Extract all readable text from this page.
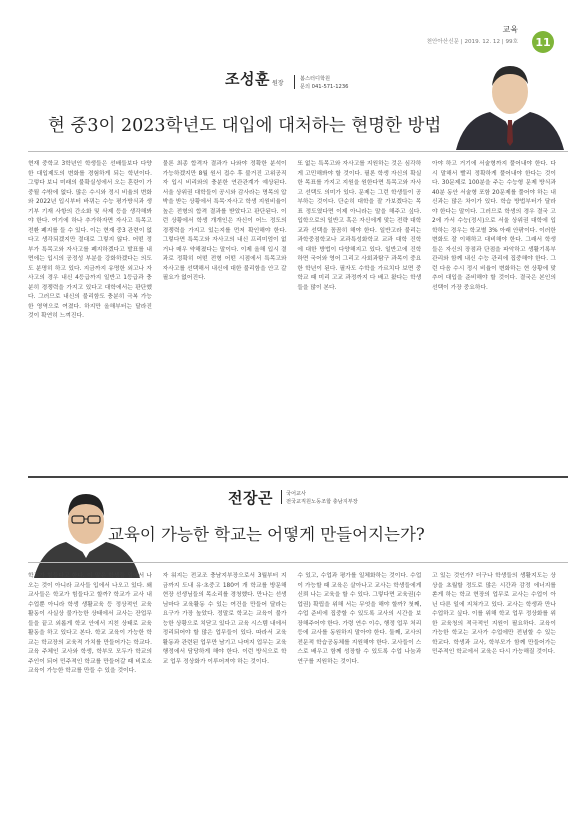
교육
천안아산신문 | 2019. 12. 12 | 99호	11
조성훈 원장
봄스터디학원
문의 041-571-1236
현 중3이 2023학년도 대입에 대처하는 현명한 방법
현재 중학교 3학년인 학생들은 선배들보다 다양한 대입제도의 변화를 경험하게 되는 학년이다. 그렇다 보니 미래의 불확실성에서 오는 혼란이 가중될 수밖에 없다. 많은 수시와 정시 비율의 변화와 2022년 입시부터 바뀌는 수능 평가방식과 생기부 기재 사항의 간소화 및 삭제 등을 생각해봐야 한다. 여기에 하나 추가하자면 자사고 특목고 전환 폐지를 들 수 있다. 이는 현재 중3 관련이 없다고 생각되겠지만 절대로 그렇지 않다. 어떤 정부가 특목고와 자사고를 폐지하겠다고 발표를 내면에는 입시의 공정성 부분을 강화하겠다는 의도도 분명히 하고 있다. 지금까지 유명한 외고나 자사고의 경우 내신 4등급까지 일반고 1등급과 충분히 경쟁력을 가지고 있다고 대학에서는 판단했다. 그러므로 내신의 불리함도 충분히 극복 가능한 영역으로 여겼다. 하지만 올해부터는 달라진 것이 확연히 느껴진다.
물론 최종 합격자 결과가 나와야 정확한 분석이 가능하겠지만 8월 원서 접수 후 불거진 고위공직자 입시 비리와의 충분한 연관관계가 예상된다. 서울 상위권 대학들이 공시와 감사라는 명목의 압박을 받는 상황에서 특목·자사고 학생 지원비율이 높은 전형의 합격 결과를 받았다고 판단된다. 이런 상황에서 학생 개개인은 자신이 어느 정도의 경쟁력을 가지고 있는지를 먼저 확인해야 한다. 그렇다면 특목고와 자사고의 내신 프리미엄이 없거나 매우 약해졌다는 말이다. 이제 올해 입시 결과로 정확히 어떤 전형 어떤 시점에서 특목고와 자사고를 선택해서 내신에 대한 불리함을 안고 갈 필요가 없어진다.
또 없는 특목고와 자사고를 지원하는 것은 심각하게 고민해봐야 할 것이다. 필론 학생 자신의 확실한 목표를 가지고 지원을 원한다면 특목고와 자사고 선택도 의미가 있다. 문제는 그런 학생들이 공부하는 것이다. 단순히 대학을 잘 가보겠다는 목표 정도였다면 이제 아니라는 말을 해주고 싶다. 입학으로의 일반고 혹은 자신에게 맞는 전략 대학 교과 선택을 꼼꼼히 해야 한다. 일반고라 불리는 과학중점학교나 교과특성화학교 교과 대학 진학에 대한 방법이 다양해지고 있다. 일반고에 진학하면 국어와 영어 그리고 사회과탐구 과목이 중요한 학년이 된다. 필자도 수학을 가르치다 보면 중학교 때 미리 고교 과정까지 다 배고 왔다는 학생들을 많이 본다.
아야 하고 거기에 서술형까지 풀어내야 한다. 다시 말해서 빨리 정확하게 풀어내야 한다는 것이다. 30문제로 100분을 주는 수능형 문제 방식과 40분 동안 서술형 포함 20문제를 풀어야 하는 내신과는 많은 차이가 있다. 학습 방법부터가 달라야 한다는 말이다. 그러므로 학생의 경우 결국 고2에 가서 수능(정시)으로 서울 상위권 대학에 입학하는 경우는 학교별 3% 아래 안팎이다. 이러한 변화도 잘 이해하고 대비해야 한다. 그래서 학생들은 자신의 장점과 단점을 파악하고 생활기록부 관리와 함께 내신 수능 관리에 집중해야 한다. 그런 다음 수시 정시 비율이 변화하는 현 상황에 맞추어 대입을 준비해야 할 것이다. 결국은 본인의 선택이 가장 중요하다.
전장곤	국어교사
전국교직원노동조합 충남지부장
교육이 가능한 학교는 어떻게 만들어지는가?
학교가 힘들다고 한다. 이 말은 학생들 입에서 나오는 것이 아니라 교사들 입에서 나오고 있다. 왜 교사들은 학교가 힘들다고 할까? 학교가 교사 내 수업뿐 아니라 학생 생활교육 등 정상적인 교육 활동이 사실상 불가능한 상태에서 교사는 잔업무들을 끝고 외롭게 학교 안에서 지친 상태로 교육 활동을 하고 있다고 본다. 학교 교육이 가능한 학교는 학교장의 교육적 가치를 만들어가는 학교다. 교육 주체인 교사와 학생, 학부모 모두가 학교의 주인이 되어 민주적인 학교를 만들어갈 때 비로소 교육이 가능한 학교를 만들 수 있을 것이다.
자 워지는 전교조 충남지부장으로서 3월부터 지금까지 도내 유·초중고 180여 개 학교를 방문해 현장 선생님들의 목소리를 경청했다. 만나는 선생님마다 교육활동 수 있는 여건을 만들어 달라는 요구가 가장 높았다. 정말로 학교는 교육이 불가능한 상황으로 치닫고 있다고 교육 시스템 내에서 정리되어야 할 많은 업무들이 있다. 따라서 교육 활동과 관련된 업무만 남기고 나머지 업무는 교육행정에서 담당하게 해야 한다. 이런 방식으로 학교 업무 정상화가 이루어져야 하는 것이다.
수 있고, 수업과 평가를 일체화하는 것이다. 수업이 가능할 때 교육은 살아나고 교사는 학생들에게 신뢰 나는 교육을 할 수 있다. 그렇다면 교육권(수업권) 확립을 위해 서는 무엇을 해야 할까? 첫째, 수업 준비에 집중할 수 있도록 교사의 시간을 보장해주어야 한다. 가령 연수 이수, 행정 업무 처리 등에 교사를 동원하지 말아야 한다. 둘째, 교사의 전문적 학습공동체를 지원해야 한다. 교사들이 스스로 배우고 함께 성장할 수 있도록 수업 나눔과 연구를 지원하는 것이다.
고 있는 것인가? 더구나 학생들의 생활지도는 상상을 초월할 정도로 많은 시간과 감정 에너지를 쏟게 하는 학교 현장의 업무로 교사는 수업이 아닌 다른 일에 지쳐가고 있다. 교사는 학생과 만나 수업하고 싶다. 이를 위해 학교 업무 정상화를 위한 교육청의 적극적인 지원이 필요하다. 교육이 가능한 학교는 교사가 수업에만 전념할 수 있는 학교다. 학생과 교사, 학부모가 함께 만들어가는 민주적인 학교에서 교육은 다시 가능해질 것이다.
